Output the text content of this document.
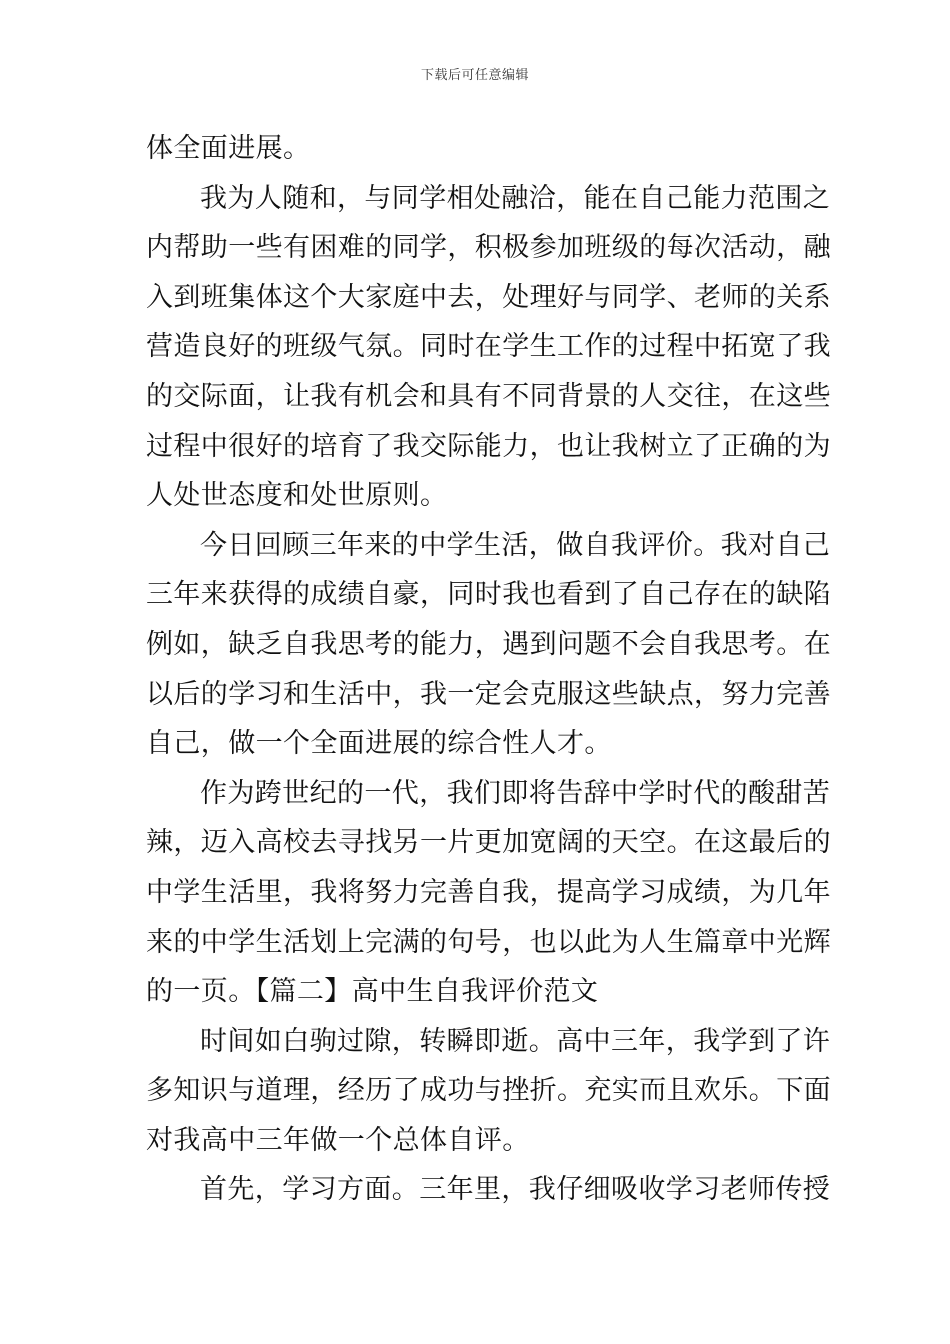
下载后可任意编辑
体全面进展。
我为人随和，与同学相处融洽，能在自己能力范围之
内帮助一些有困难的同学，积极参加班级的每次活动，融
入到班集体这个大家庭中去，处理好与同学、老师的关系
营造良好的班级气氛。同时在学生工作的过程中拓宽了我
的交际面，让我有机会和具有不同背景的人交往，在这些
过程中很好的培育了我交际能力，也让我树立了正确的为
人处世态度和处世原则。
今日回顾三年来的中学生活，做自我评价。我对自己
三年来获得的成绩自豪，同时我也看到了自己存在的缺陷
例如，缺乏自我思考的能力，遇到问题不会自我思考。在
以后的学习和生活中，我一定会克服这些缺点，努力完善
自己，做一个全面进展的综合性人才。
作为跨世纪的一代，我们即将告辞中学时代的酸甜苦
辣，迈入高校去寻找另一片更加宽阔的天空。在这最后的
中学生活里，我将努力完善自我，提高学习成绩，为几年
来的中学生活划上完满的句号，也以此为人生篇章中光辉
的一页。【篇二】高中生自我评价范文
时间如白驹过隙，转瞬即逝。高中三年，我学到了许
多知识与道理，经历了成功与挫折。充实而且欢乐。下面
对我高中三年做一个总体自评。
首先，学习方面。三年里，我仔细吸收学习老师传授
